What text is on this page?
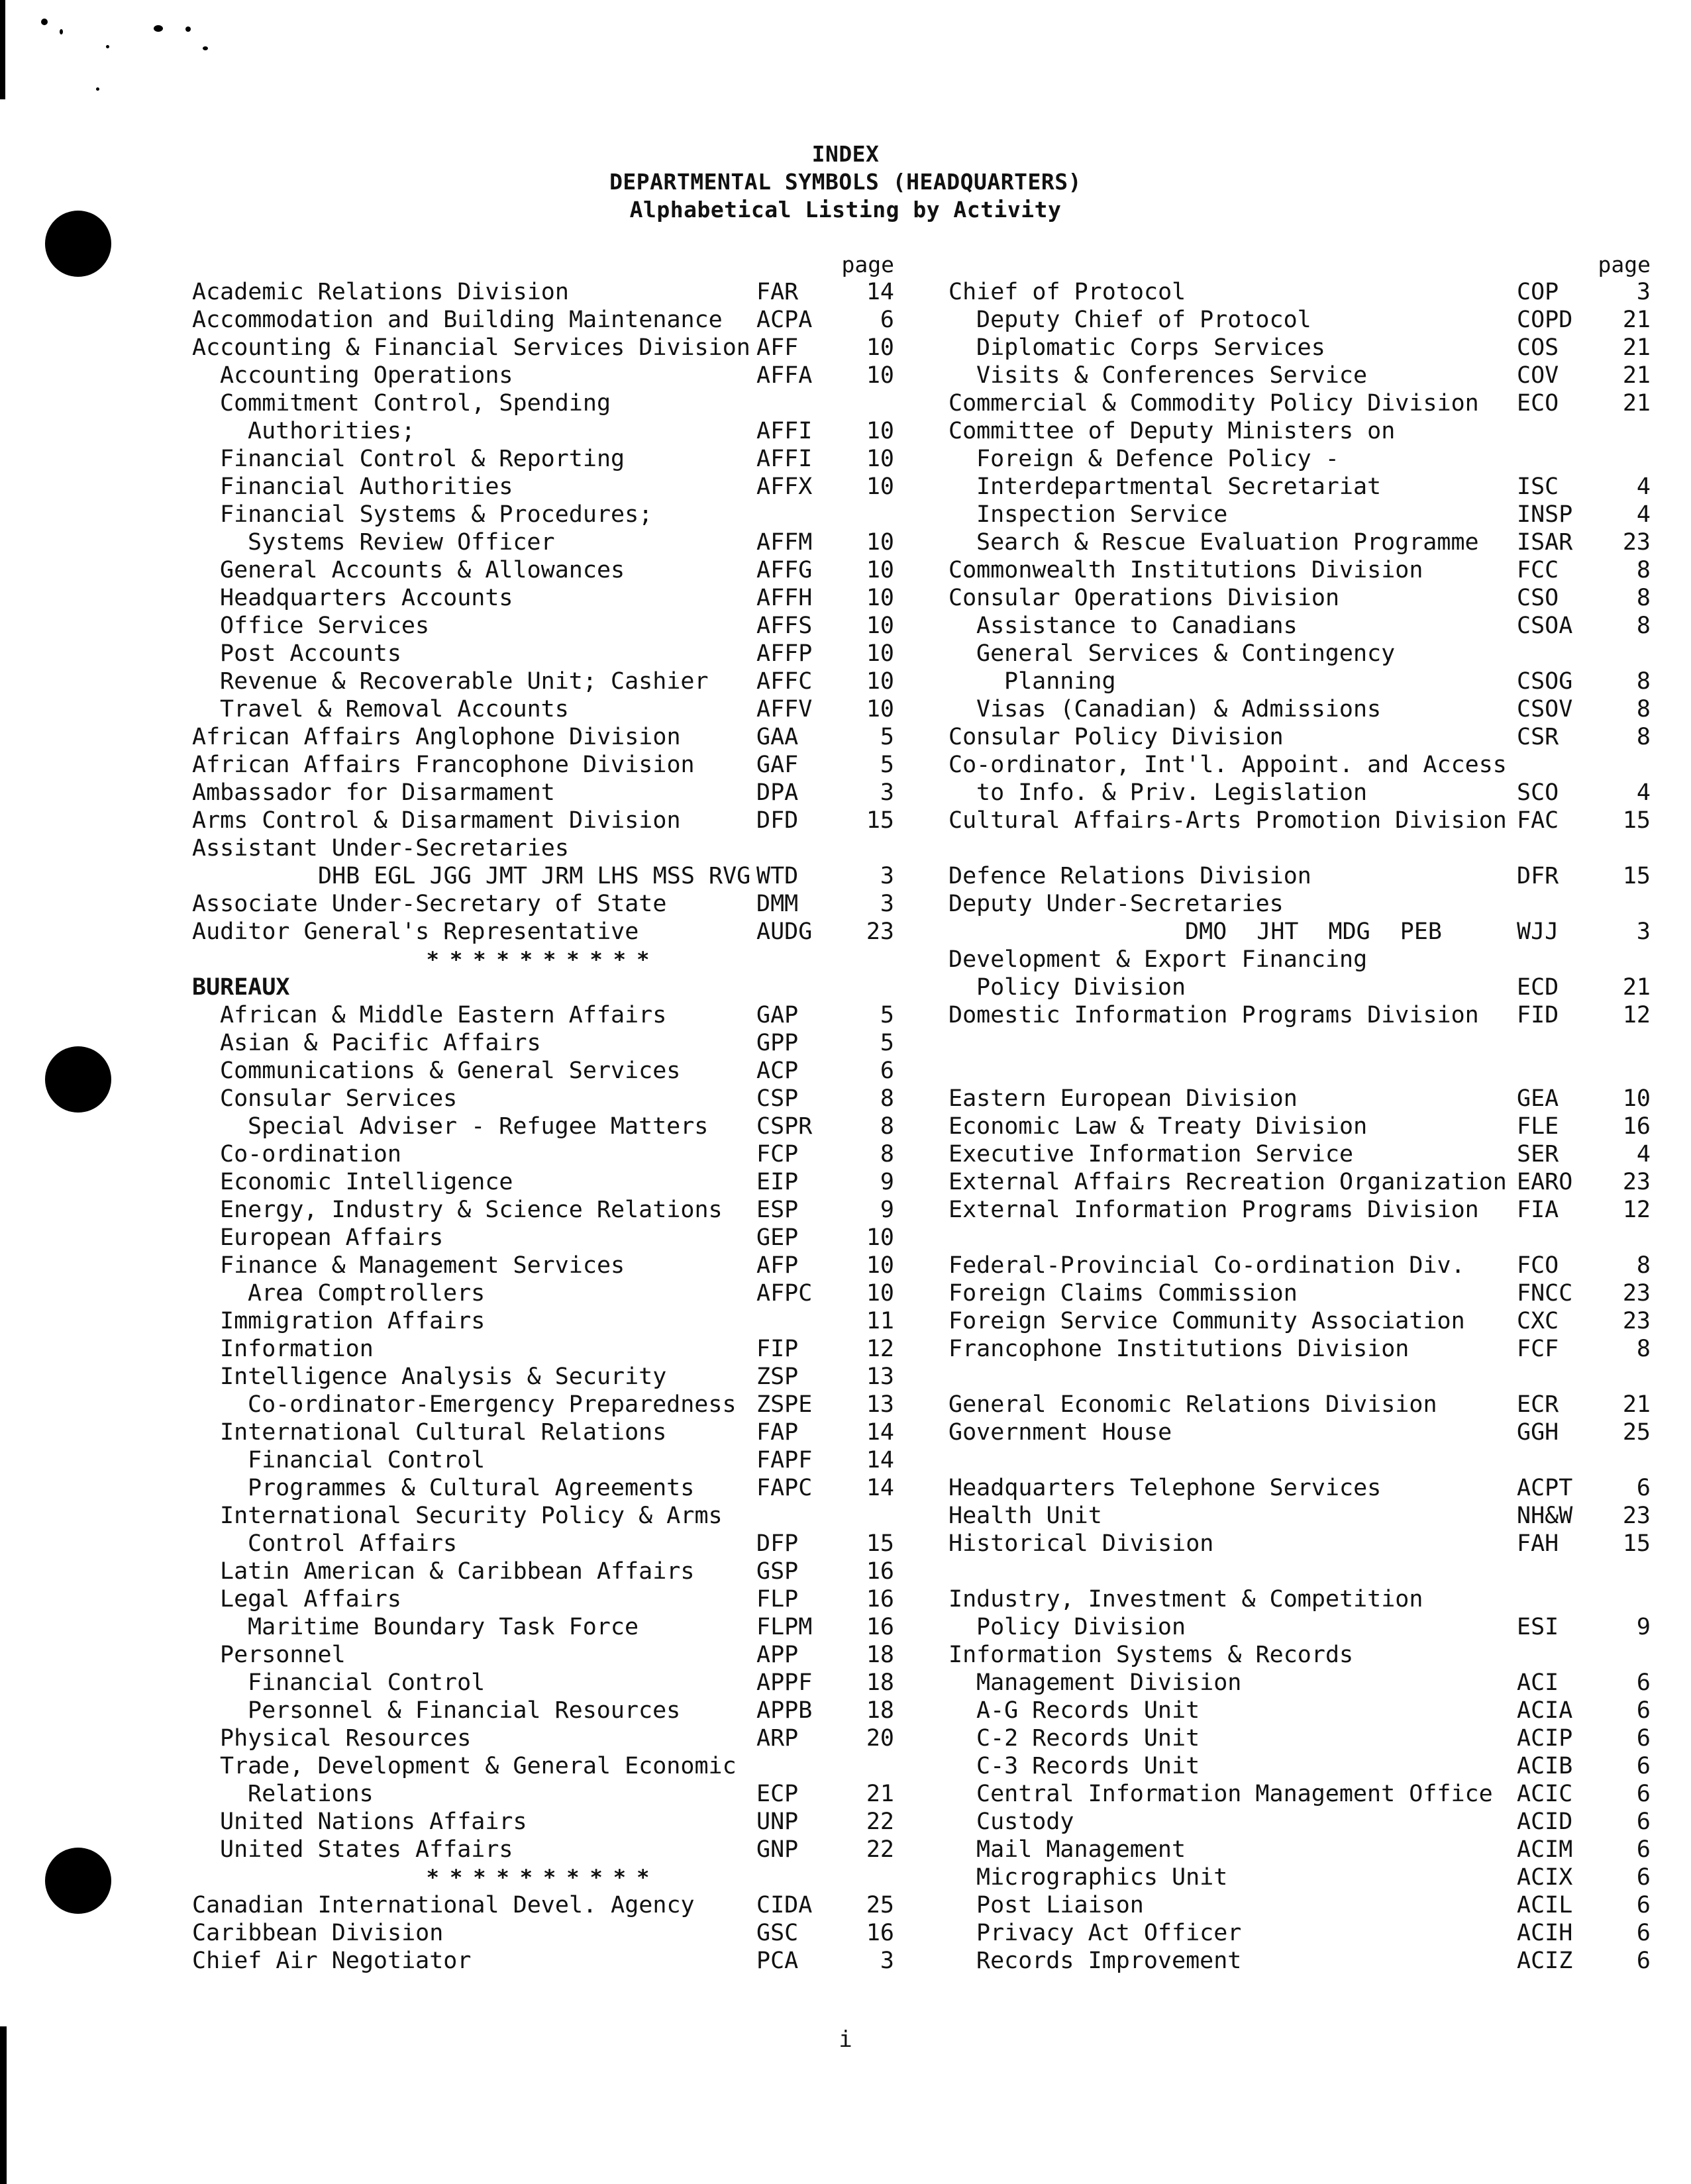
INDEX
DEPARTMENTAL SYMBOLS (HEADQUARTERS)
Alphabetical Listing by Activity
page
Academic Relations Division	FAR	14
Accommodation and Building Maintenance ACPA	6
Accounting & Financial Services Division AFF	10
Accounting Operations	AFFA	10
Commitment Control, Spending
Authorities;	AFFI	10
Financial Control & Reporting	AFFI	10
Financial Authorities	AFFX	10
Financial Systems & Procedures;
Systems Review Officer	AFFM	10
General Accounts & Allowances	AFFG	10
Headquarters Accounts	AFFH	10
Office Services	AFFS	10
Post Accounts	AFFP	10
Revenue & Recoverable Unit; Cashier AFFC	10
Travel & Removal Accounts	AFFV	10
African Affairs Anglophone Division	GAA	5
African Affairs Francophone Division	GAF	5
Ambassador for Disarmament	DPA	3
Arms Control & Disarmament Division	DFD	15
Assistant Under-Secretaries
DHB EGL JGG JMT JRM LHS MSS RVG WTD	3
Associate Under-Secretary of State	DMM	3
Auditor General's Representative	AUDG	23
**********
BUREAUX
African & Middle Eastern Affairs	GAP	5
Asian & Pacific Affairs	GPP	5
Communications & General Services	ACP	6
Consular Services	CSP	8
Special Adviser - Refugee Matters CSPR	8
Co-ordination	FCP	8
Economic Intelligence	EIP	9
Energy, Industry & Science Relations ESP	9
European Affairs	GEP	10
Finance & Management Services	AFP	10
Area Comptrollers	AFPC	10
Immigration Affairs	11
Information	FIP	12
Intelligence Analysis & Security	ZSP	13
Co-ordinator-Emergency Preparedness ZSPE	13
International Cultural Relations	FAP	14
Financial Control	FAPF	14
Programmes & Cultural Agreements	FAPC	14
International Security Policy & Arms
Control Affairs	DFP	15
Latin American & Caribbean Affairs	GSP	16
Legal Affairs	FLP	16
Maritime Boundary Task Force	FLPM	16
Personnel	APP	18
Financial Control	APPF	18
Personnel & Financial Resources	APPB	18
Physical Resources	ARP	20
Trade, Development & General Economic
Relations	ECP	21
United Nations Affairs	UNP	22
United States Affairs	GNP	22
**********
Canadian International Devel. Agency	CIDA	25
Caribbean Division	GSC	16
Chief Air Negotiator	PCA	3
page
Chief of Protocol	COP	3
Deputy Chief of Protocol	COPD	21
Diplomatic Corps Services	COS	21
Visits & Conferences Service	COV	21
Commercial & Commodity Policy Division ECO	21
Committee of Deputy Ministers on
Foreign & Defence Policy -
Interdepartmental Secretariat	ISC	4
Inspection Service	INSP	4
Search & Rescue Evaluation Programme ISAR	23
Commonwealth Institutions Division	FCC	8
Consular Operations Division	CSO	8
Assistance to Canadians	CSOA	8
General Services & Contingency
Planning	CSOG	8
Visas (Canadian) & Admissions	CSOV	8
Consular Policy Division	CSR	8
Co-ordinator, Int'l. Appoint. and Access
to Info. & Priv. Legislation	SCO	4
Cultural Affairs-Arts Promotion Division FAC	15
Defence Relations Division	DFR	15
Deputy Under-Secretaries
DMO JHT MDG PEB	WJJ	3
Development & Export Financing
Policy Division	ECD	21
Domestic Information Programs Division FID	12
Eastern European Division	GEA	10
Economic Law & Treaty Division	FLE	16
Executive Information Service	SER	4
External Affairs Recreation Organization EARO	23
External Information Programs Division FIA	12
Federal-Provincial Co-ordination Div. FCO	8
Foreign Claims Commission	FNCC	23
Foreign Service Community Association CXC	23
Francophone Institutions Division	FCF	8
General Economic Relations Division	ECR	21
Government House	GGH	25
Headquarters Telephone Services	ACPT	6
Health Unit	NH&W	23
Historical Division	FAH	15
Industry, Investment & Competition
Policy Division	ESI	9
Information Systems & Records
Management Division	ACI	6
A-G Records Unit	ACIA	6
C-2 Records Unit	ACIP	6
C-3 Records Unit	ACIB	6
Central Information Management Office ACIC	6
Custody	ACID	6
Mail Management	ACIM	6
Micrographics Unit	ACIX	6
Post Liaison	ACIL	6
Privacy Act Officer	ACIH	6
Records Improvement	ACIZ	6
i
